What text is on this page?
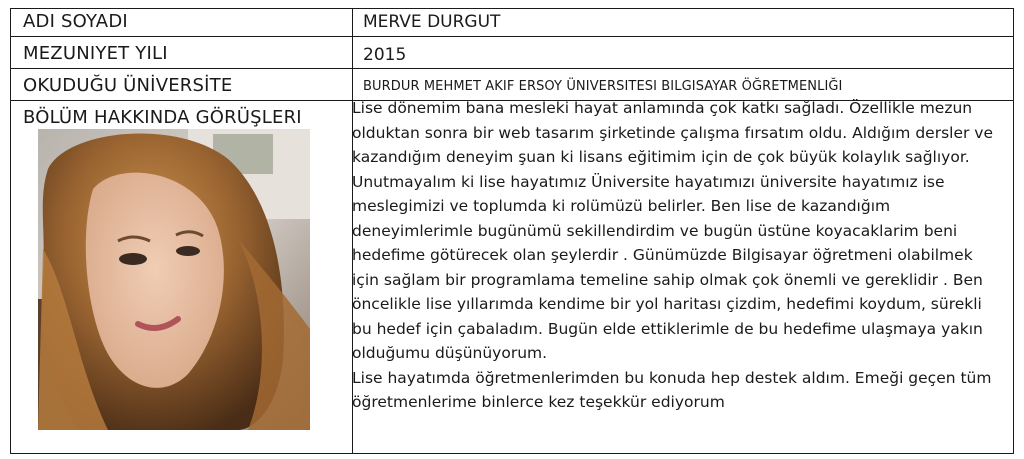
ADI SOYADI	MERVE DURGUT
MEZUNIYET YILI	2015
OKUDUĞU ÜNİVERSİTE	BURDUR MEHMET AKIF ERSOY ÜNIVERSITESI BILGISAYAR ÖĞRETMENLIĞI
BÖLÜM HAKKINDA GÖRÜŞLERI	Lise dönemim bana mesleki hayat anlamında çok katkı sağladı. Özellikle mezun olduktan sonra bir web tasarım şirketinde çalışma fırsatım oldu. Aldığım dersler ve kazandığım deneyim şuan ki lisans eğitimim için de çok büyük kolaylık sağlıyor. Unutmayalım ki lise hayatımız Üniversite hayatımızı üniversite hayatımız ise meslegimizi ve toplumda ki rolümüzü belirler. Ben lise de kazandığım deneyimlerimle bugünümü sekillendirdim ve bugün üstüne koyacaklarim beni hedefime götürecek olan şeylerdir . Günümüzde Bilgisayar öğretmeni olabilmek için sağlam bir programlama temeline sahip olmak çok önemli ve gereklidir . Ben öncelikle lise yıllarımda kendime bir yol haritası çizdim, hedefimi koydum, sürekli bu hedef için çabaladım. Bugün elde ettiklerimle de bu hedefime ulaşmaya yakın olduğumu düşünüyorum.

Lise hayatımda öğretmenlerimden bu konuda hep destek aldım. Emeği geçen tüm öğretmenlerime binlerce kez teşekkür ediyorum
